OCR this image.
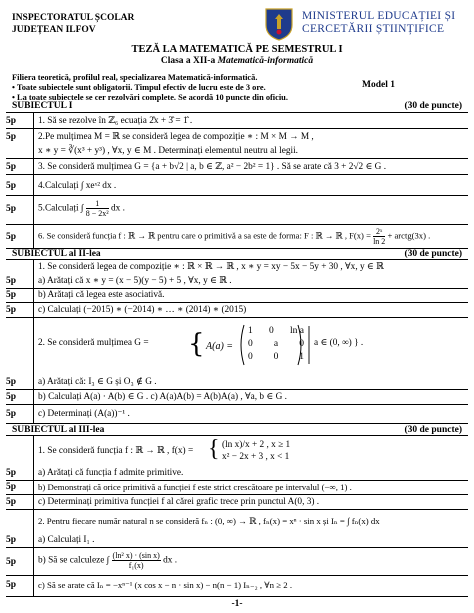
INSPECTORATUL ȘCOLAR
JUDEȚEAN ILFOV
MINISTERUL EDUCAȚIEI ȘI
CERCETĂRII ȘTIINȚIFICE
TEZĂ LA MATEMATICĂ PE SEMESTRUL I
Clasa a XII-a Matematică-informatică
Filiera teoretică, profilul real, specializarea Matematică-informatică.
• Toate subiectele sunt obligatorii. Timpul efectiv de lucru este de 3 ore.
• La toate subiectele se cer rezolvări complete. Se acordă 10 puncte din oficiu.
Model 1
SUBIECTUL I	(30 de puncte)
5p 1. Să se rezolve în ℤ₆ ecuația 2̂x + 3̂ = 1̂ .
5p 2.Pe mulțimea M = ℝ se consideră legea de compoziție ∗ : M × M → M ,
x ∗ y = ∛(x³ + y³) , ∀x, y ∈ M . Determinați elementul neutru al legii.
5p 3. Se consideră mulțimea G = {a + b√2 | a, b ∈ ℤ, a² − 2b² = 1} . Să se arate că 3 + 2√2 ∈ G .
5p 4.Calculați ∫ xeˣ² dx .
5p 5.Calculați ∫ $\frac{1}{\text{8 − 2x²}}$ dx .
5p	6. Se consideră funcția f : ℝ → ℝ pentru care o primitivă a sa este de forma: F : ℝ → ℝ , $F(x) = \frac{\text{2ˣ}}{\ln 2}$ + arctg(3x) .
SUBIECTUL al II-lea	(30 de puncte)
1. Se consideră legea de compoziție ∗ : ℝ × ℝ → ℝ , x ∗ y = xy − 5x − 5y + 30 , ∀x, y ∈ ℝ
5p a) Arătați că x ∗ y = (x − 5)(y − 5) + 5 , ∀x, y ∈ ℝ .
5p b) Arătați că legea este asociativă.
5p c) Calculați (−2015) ∗ (−2014) ∗ … ∗ (2014) ∗ (2015)
2. Se consideră mulțimea G = { A(a) =
1 0 ln a
0 a 0
0 0 1
a ∈ (0, ∞) } .
5p a) Arătați că: I₃ ∈ G și O₃ ∉ G .
5p b) Calculați A(a) · A(b) ∈ G . c) A(a)A(b) = A(b)A(a) , ∀a, b ∈ G .
5p c) Determinați (A(a))⁻¹ .
SUBIECTUL al III-lea	(30 de puncte)
1. Se consideră funcția f : ℝ → ℝ , f(x) = { (ln x)/x + 2 , x ≥ 1
x² − 2x + 3 , x < 1
5p a) Arătați că funcția f admite primitive.
5p b) Demonstrați că orice primitivă a funcției f este strict crescătoare pe intervalul (−∞, 1) .
5p c) Determinați primitiva funcției f al cărei grafic trece prin punctul A(0, 3) .
2. Pentru fiecare număr natural n se consideră fₙ : (0, ∞) → ℝ , fₙ(x) = xⁿ · sin x și Iₙ = ∫ fₙ(x) dx
5p a) Calculați I₁ .
5p b) Să se calculeze ∫ $\frac{\text{(ln² x) · (sin x)}}{\text{f₁(x)}}$ dx .
5p c) Să se arate că Iₙ = −xⁿ⁻¹ (x cos x − n · sin x) − n(n − 1) Iₙ₋₂ , ∀n ≥ 2 .
-1-
